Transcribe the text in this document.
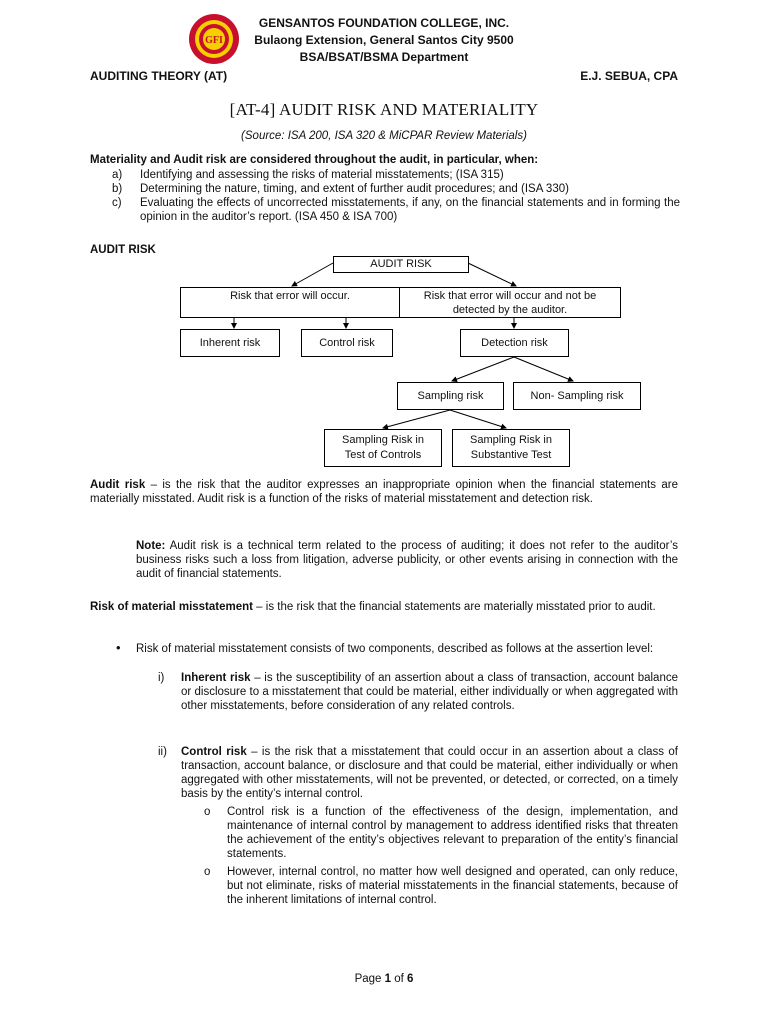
GFI
GENSANTOS FOUNDATION COLLEGE, INC.
Bulaong Extension, General Santos City 9500
BSA/BSAT/BSMA Department
AUDITING THEORY (AT)	E.J. SEBUA, CPA
[AT-4] AUDIT RISK AND MATERIALITY
(Source: ISA 200, ISA 320 & MiCPAR Review Materials)
Materiality and Audit risk are considered throughout the audit, in particular, when:
a) Identifying and assessing the risks of material misstatements; (ISA 315)
b) Determining the nature, timing, and extent of further audit procedures; and (ISA 330)
c) Evaluating the effects of uncorrected misstatements, if any, on the financial statements and in forming the opinion in the auditor’s report. (ISA 450 & ISA 700)
AUDIT RISK
AUDIT RISK
Risk that error will occur.	Risk that error will occur and not be detected by the auditor.
Inherent risk	Control risk	Detection risk
Sampling risk	Non- Sampling risk
Sampling Risk in Test of Controls
Sampling Risk in Substantive Test
Audit risk – is the risk that the auditor expresses an inappropriate opinion when the financial statements are materially misstated. Audit risk is a function of the risks of material misstatement and detection risk.
Note: Audit risk is a technical term related to the process of auditing; it does not refer to the auditor’s business risks such a loss from litigation, adverse publicity, or other events arising in connection with the audit of financial statements.
Risk of material misstatement – is the risk that the financial statements are materially misstated prior to audit.
• Risk of material misstatement consists of two components, described as follows at the assertion level:
i) Inherent risk – is the susceptibility of an assertion about a class of transaction, account balance or disclosure to a misstatement that could be material, either individually or when aggregated with other misstatements, before consideration of any related controls.
ii) Control risk – is the risk that a misstatement that could occur in an assertion about a class of transaction, account balance, or disclosure and that could be material, either individually or when aggregated with other misstatements, will not be prevented, or detected, or corrected, on a timely basis by the entity’s internal control.
o Control risk is a function of the effectiveness of the design, implementation, and maintenance of internal control by management to address identified risks that threaten the achievement of the entity’s objectives relevant to preparation of the entity’s financial statements.
o However, internal control, no matter how well designed and operated, can only reduce, but not eliminate, risks of material misstatements in the financial statements, because of the inherent limitations of internal control.
Page 1 of 6
